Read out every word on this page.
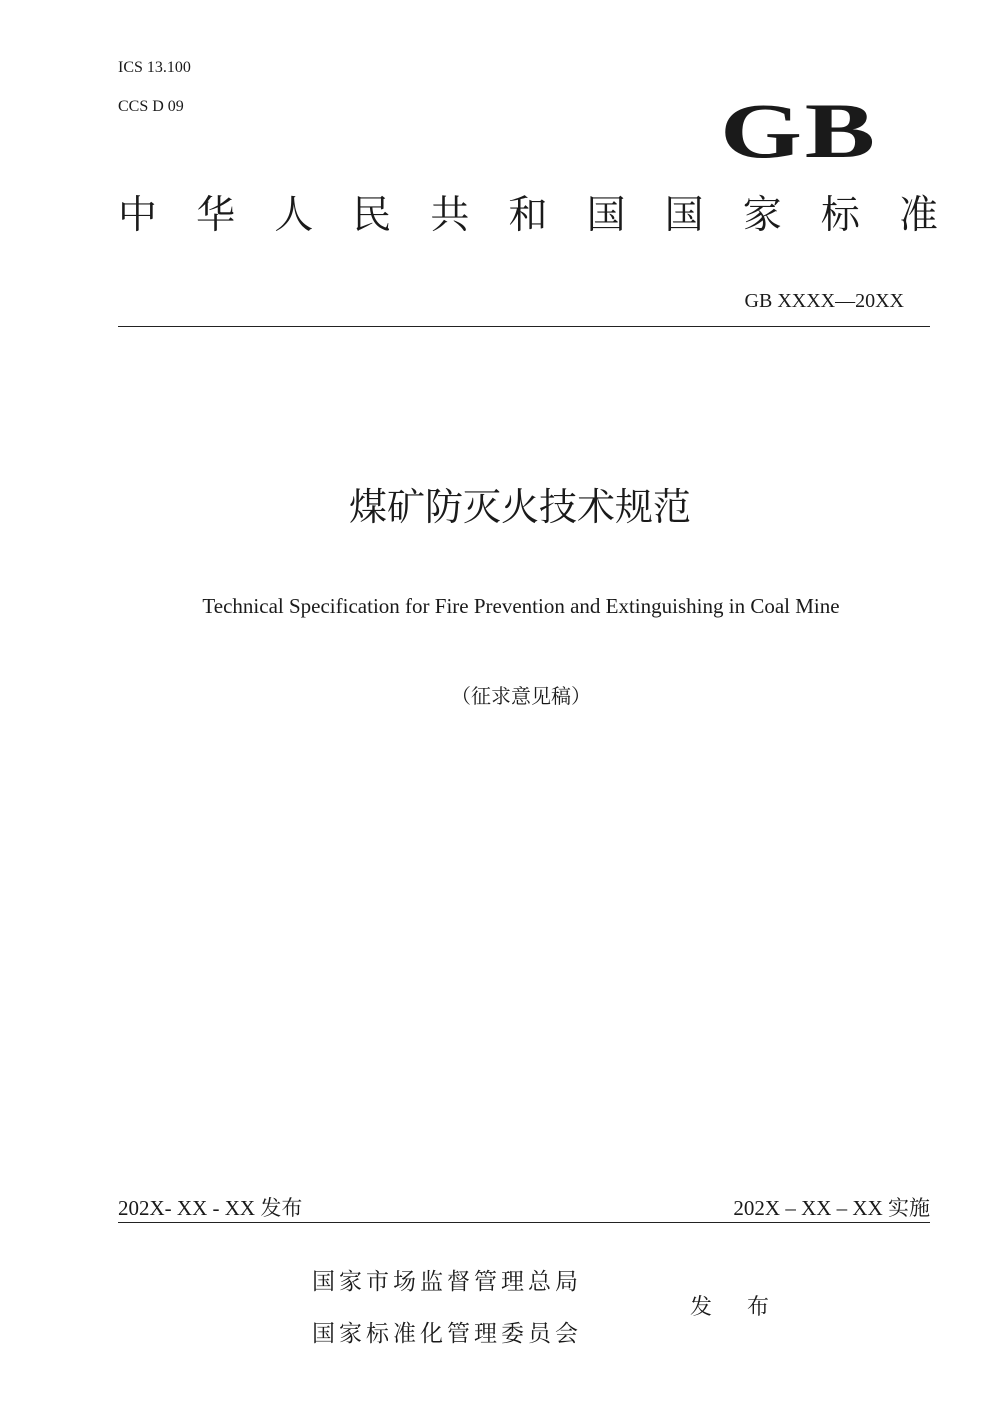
ICS 13.100
CCS D 09	GB
中 华 人 民 共 和 国 国 家 标 准
GB XXXX—20XX
煤矿防灭火技术规范
Technical Specification for Fire Prevention and Extinguishing in Coal Mine
（征求意见稿）
202X- XX - XX 发布	202X – XX – XX 实施
国家市场监督管理总局
国家标准化管理委员会
发 布
